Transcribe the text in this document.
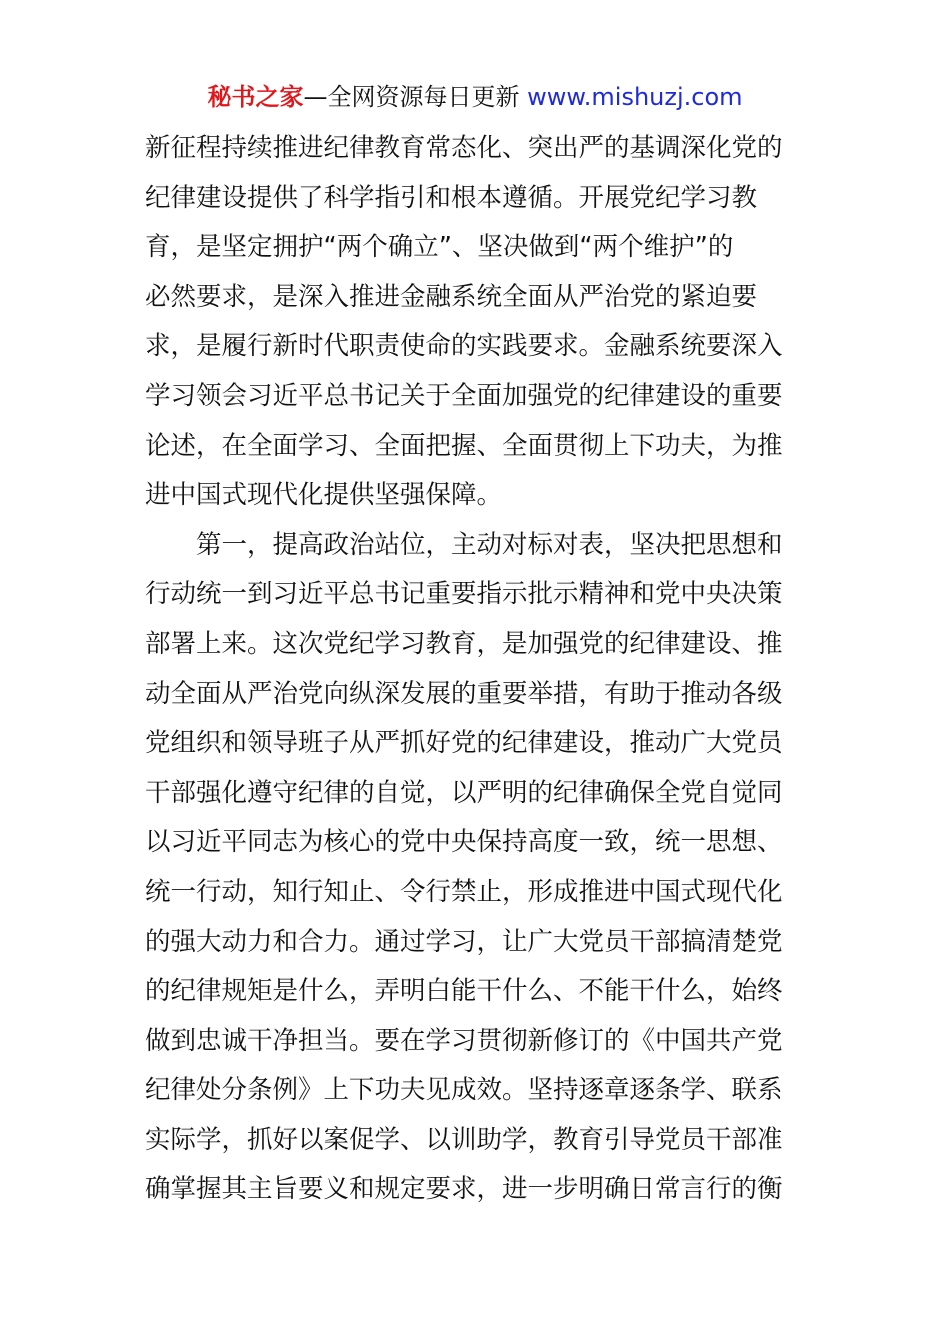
秘书之家—全网资源每日更新 www.mishuzj.com
新征程持续推进纪律教育常态化、突出严的基调深化党的
纪律建设提供了科学指引和根本遵循。开展党纪学习教
育，是坚定拥护“两个确立”、坚决做到“两个维护”的
必然要求，是深入推进金融系统全面从严治党的紧迫要
求，是履行新时代职责使命的实践要求。金融系统要深入
学习领会习近平总书记关于全面加强党的纪律建设的重要
论述，在全面学习、全面把握、全面贯彻上下功夫，为推
进中国式现代化提供坚强保障。
第一，提高政治站位，主动对标对表，坚决把思想和
行动统一到习近平总书记重要指示批示精神和党中央决策
部署上来。这次党纪学习教育，是加强党的纪律建设、推
动全面从严治党向纵深发展的重要举措，有助于推动各级
党组织和领导班子从严抓好党的纪律建设，推动广大党员
干部强化遵守纪律的自觉，以严明的纪律确保全党自觉同
以习近平同志为核心的党中央保持高度一致，统一思想、
统一行动，知行知止、令行禁止，形成推进中国式现代化
的强大动力和合力。通过学习，让广大党员干部搞清楚党
的纪律规矩是什么，弄明白能干什么、不能干什么，始终
做到忠诚干净担当。要在学习贯彻新修订的《中国共产党
纪律处分条例》上下功夫见成效。坚持逐章逐条学、联系
实际学，抓好以案促学、以训助学，教育引导党员干部准
确掌握其主旨要义和规定要求，进一步明确日常言行的衡
